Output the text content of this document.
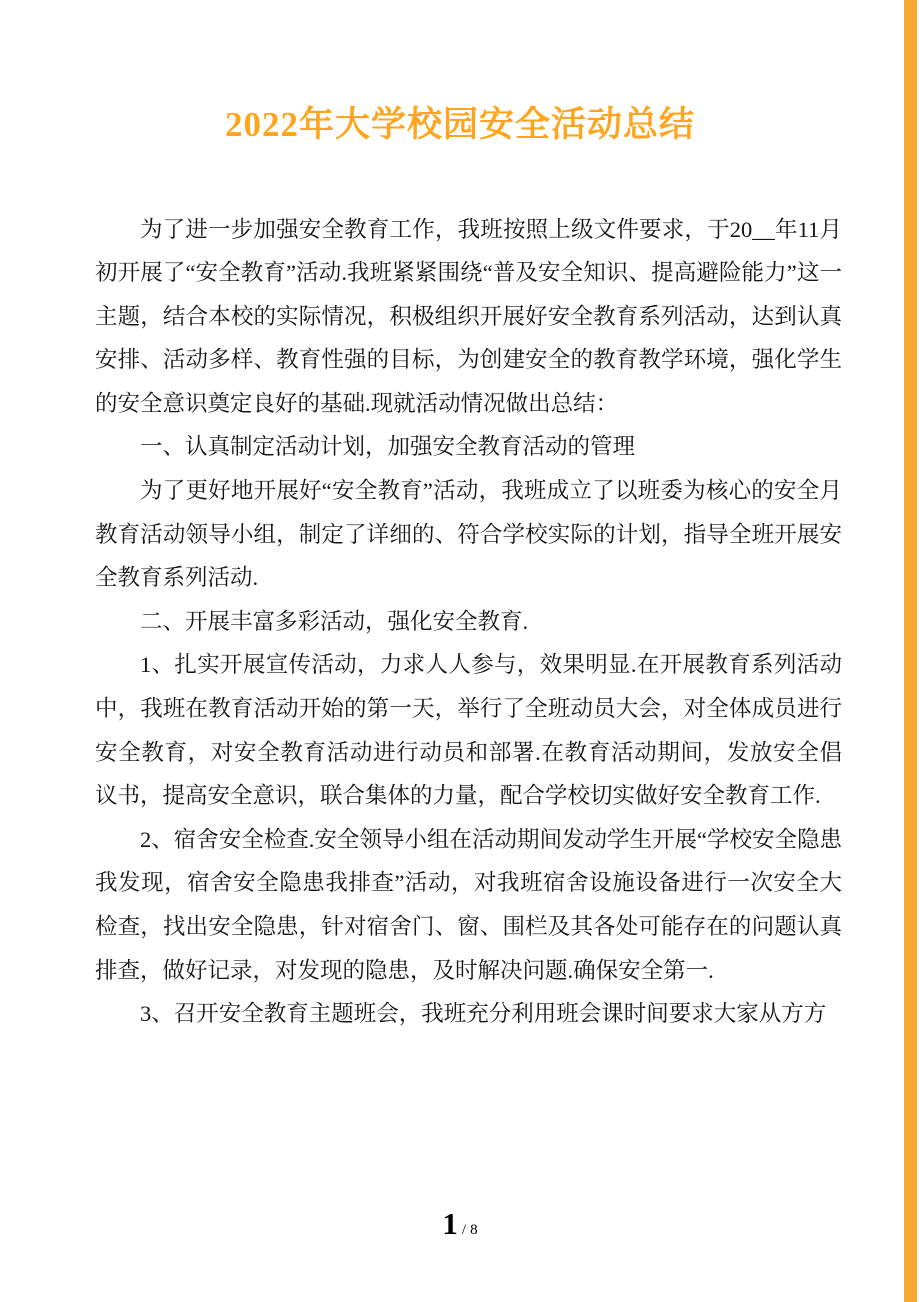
2022年大学校园安全活动总结

为了进一步加强安全教育工作，我班按照上级文件要求，于20__年11月初开展了“安全教育”活动.我班紧紧围绕“普及安全知识、提高避险能力”这一主题，结合本校的实际情况，积极组织开展好安全教育系列活动，达到认真安排、活动多样、教育性强的目标，为创建安全的教育教学环境，强化学生的安全意识奠定良好的基础.现就活动情况做出总结：

一、认真制定活动计划，加强安全教育活动的管理

为了更好地开展好“安全教育”活动，我班成立了以班委为核心的安全月教育活动领导小组，制定了详细的、符合学校实际的计划，指导全班开展安全教育系列活动.

二、开展丰富多彩活动，强化安全教育.

1、扎实开展宣传活动，力求人人参与，效果明显.在开展教育系列活动中，我班在教育活动开始的第一天，举行了全班动员大会，对全体成员进行安全教育，对安全教育活动进行动员和部署.在教育活动期间，发放安全倡议书，提高安全意识，联合集体的力量，配合学校切实做好安全教育工作.

2、宿舍安全检查.安全领导小组在活动期间发动学生开展“学校安全隐患我发现，宿舍安全隐患我排查”活动，对我班宿舍设施设备进行一次安全大检查，找出安全隐患，针对宿舍门、窗、围栏及其各处可能存在的问题认真排查，做好记录，对发现的隐患，及时解决问题.确保安全第一.

3、召开安全教育主题班会，我班充分利用班会课时间要求大家从方方

1 / 8
